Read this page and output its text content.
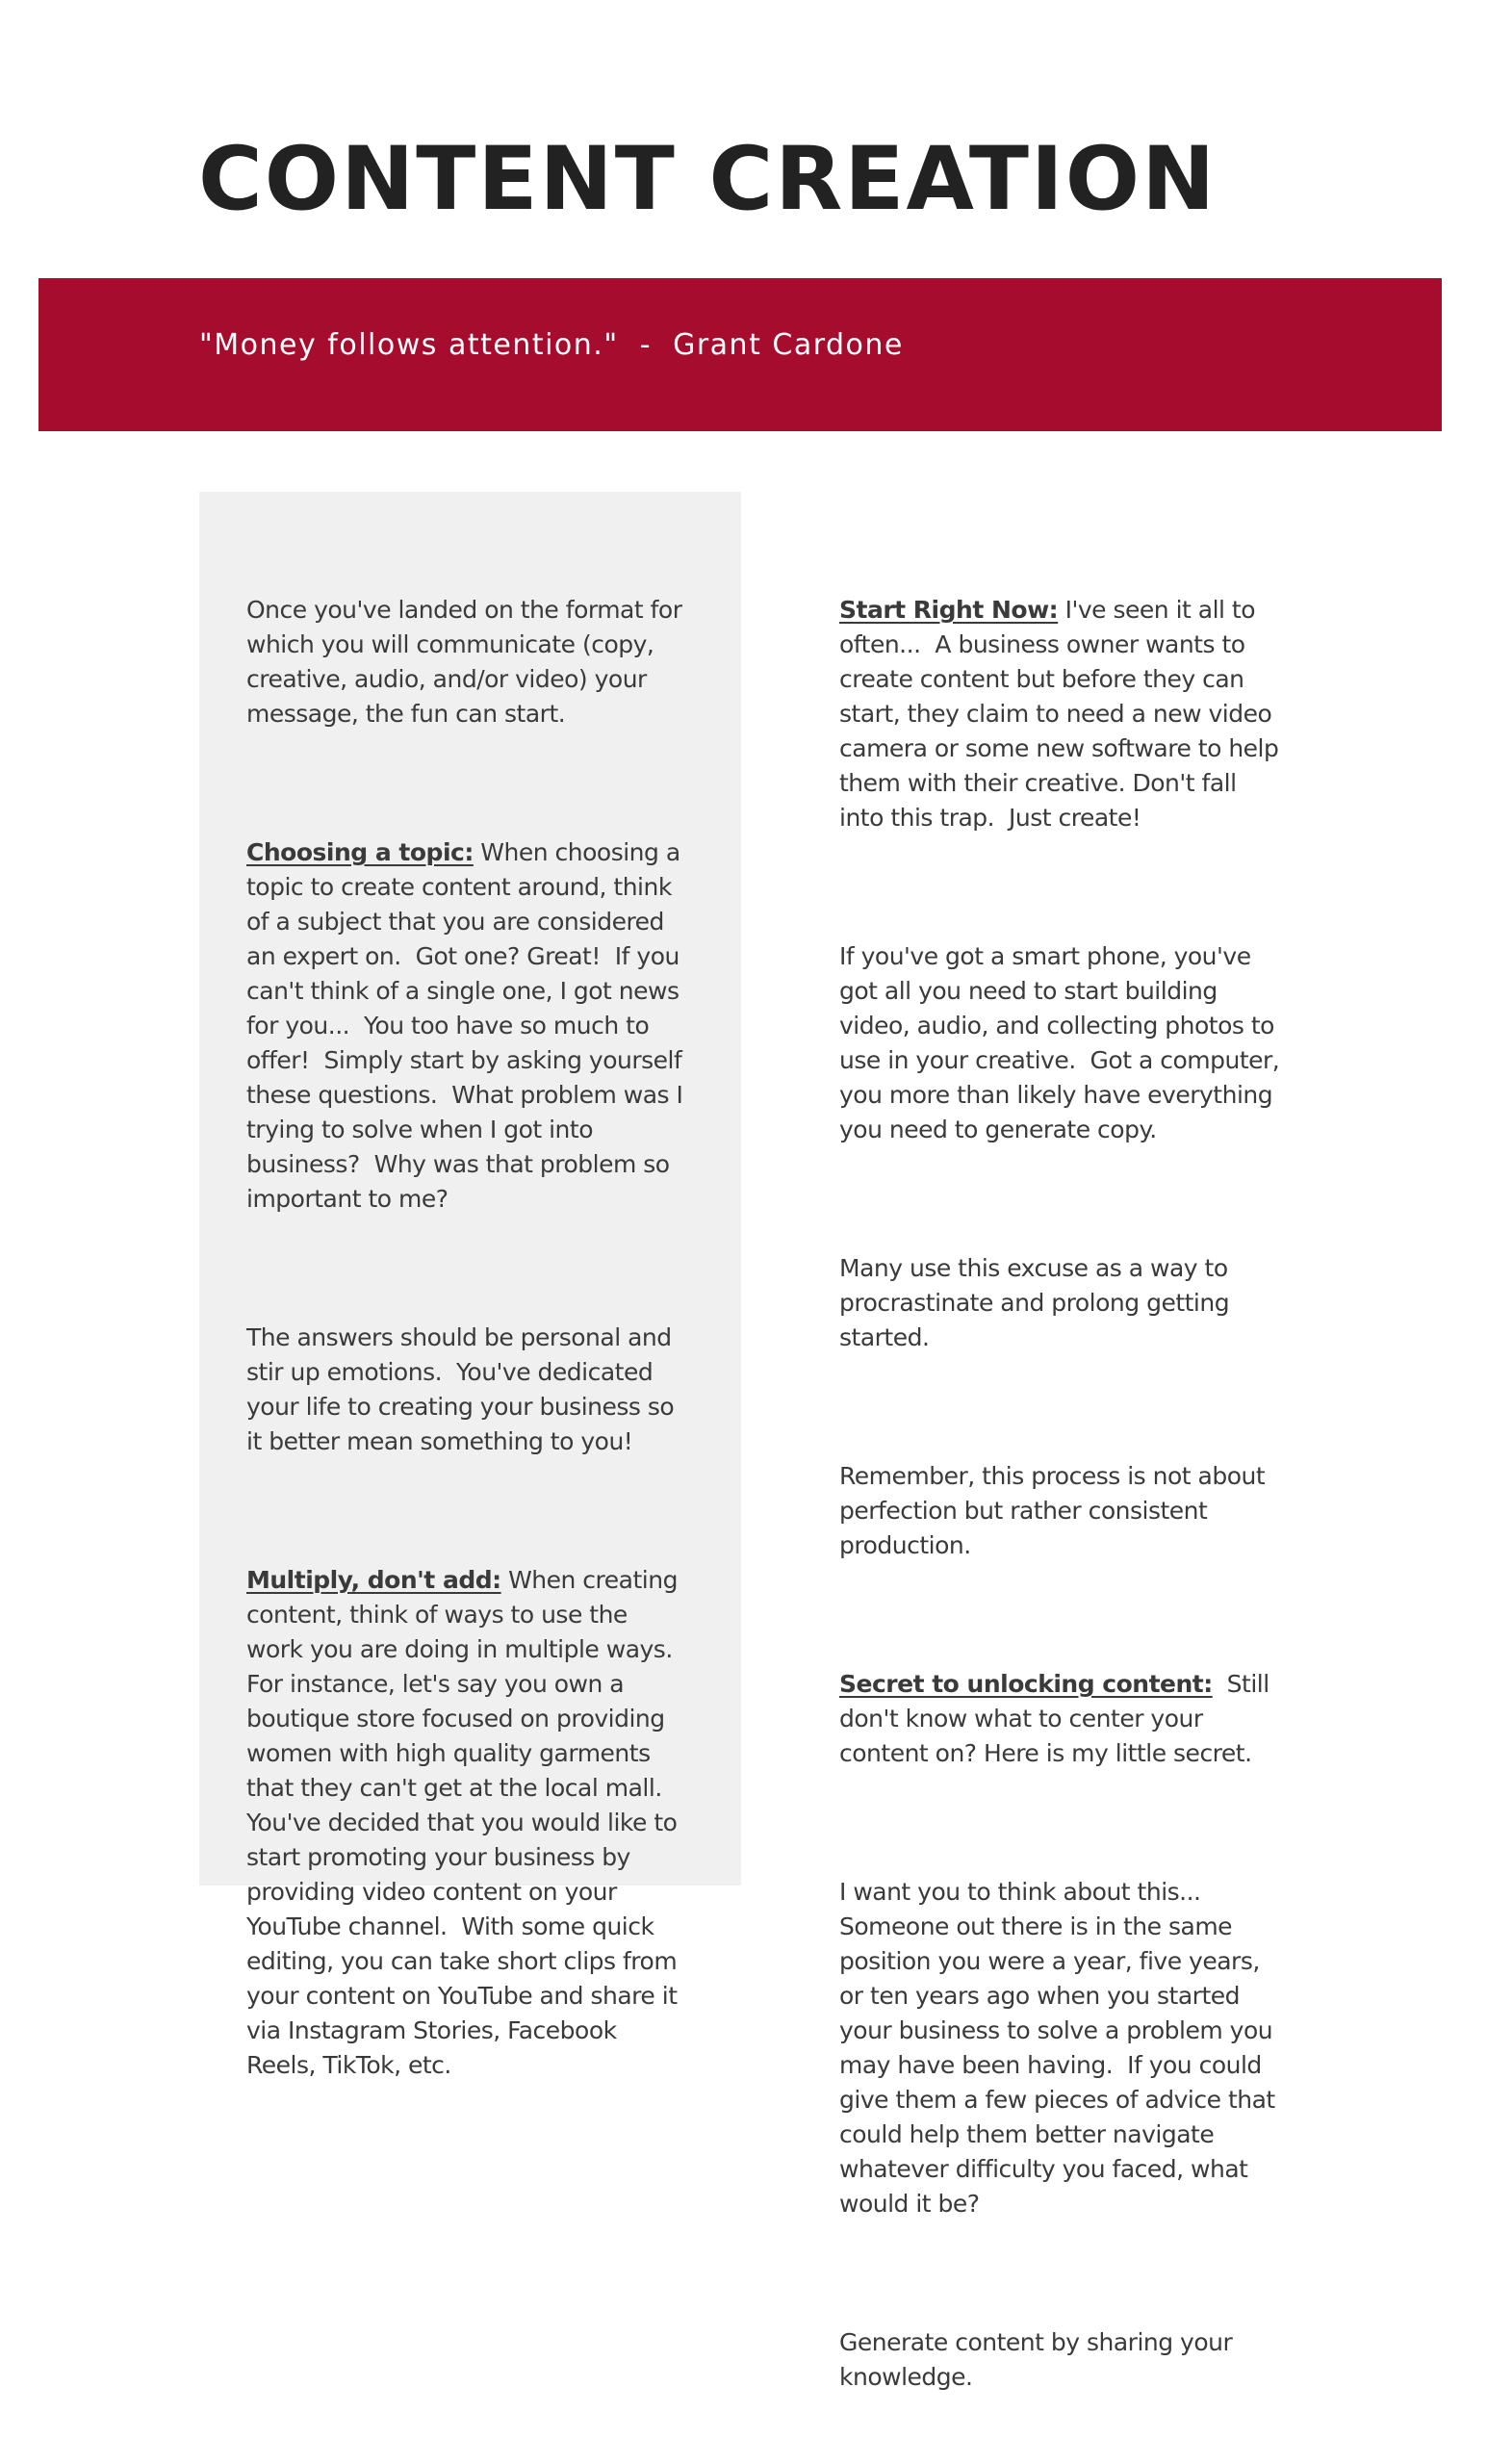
CONTENT CREATION

"Money follows attention."  -  Grant Cardone

Once you've landed on the format for
which you will communicate (copy,
creative, audio, and/or video) your
message, the fun can start.

Choosing a topic: When choosing a
topic to create content around, think
of a subject that you are considered
an expert on.  Got one? Great!  If you
can't think of a single one, I got news
for you...  You too have so much to
offer!  Simply start by asking yourself
these questions.  What problem was I
trying to solve when I got into
business?  Why was that problem so
important to me?

The answers should be personal and
stir up emotions.  You've dedicated
your life to creating your business so
it better mean something to you!

Multiply, don't add: When creating
content, think of ways to use the
work you are doing in multiple ways.
For instance, let's say you own a
boutique store focused on providing
women with high quality garments
that they can't get at the local mall.
You've decided that you would like to
start promoting your business by
providing video content on your
YouTube channel.  With some quick
editing, you can take short clips from
your content on YouTube and share it
via Instagram Stories, Facebook
Reels, TikTok, etc.

Start Right Now: I've seen it all to
often...  A business owner wants to
create content but before they can
start, they claim to need a new video
camera or some new software to help
them with their creative. Don't fall
into this trap.  Just create!

If you've got a smart phone, you've
got all you need to start building
video, audio, and collecting photos to
use in your creative.  Got a computer,
you more than likely have everything
you need to generate copy.

Many use this excuse as a way to
procrastinate and prolong getting
started.

Remember, this process is not about
perfection but rather consistent
production.

Secret to unlocking content:  Still
don't know what to center your
content on? Here is my little secret.

I want you to think about this...
Someone out there is in the same
position you were a year, five years,
or ten years ago when you started
your business to solve a problem you
may have been having.  If you could
give them a few pieces of advice that
could help them better navigate
whatever difficulty you faced, what
would it be?

Generate content by sharing your
knowledge.
